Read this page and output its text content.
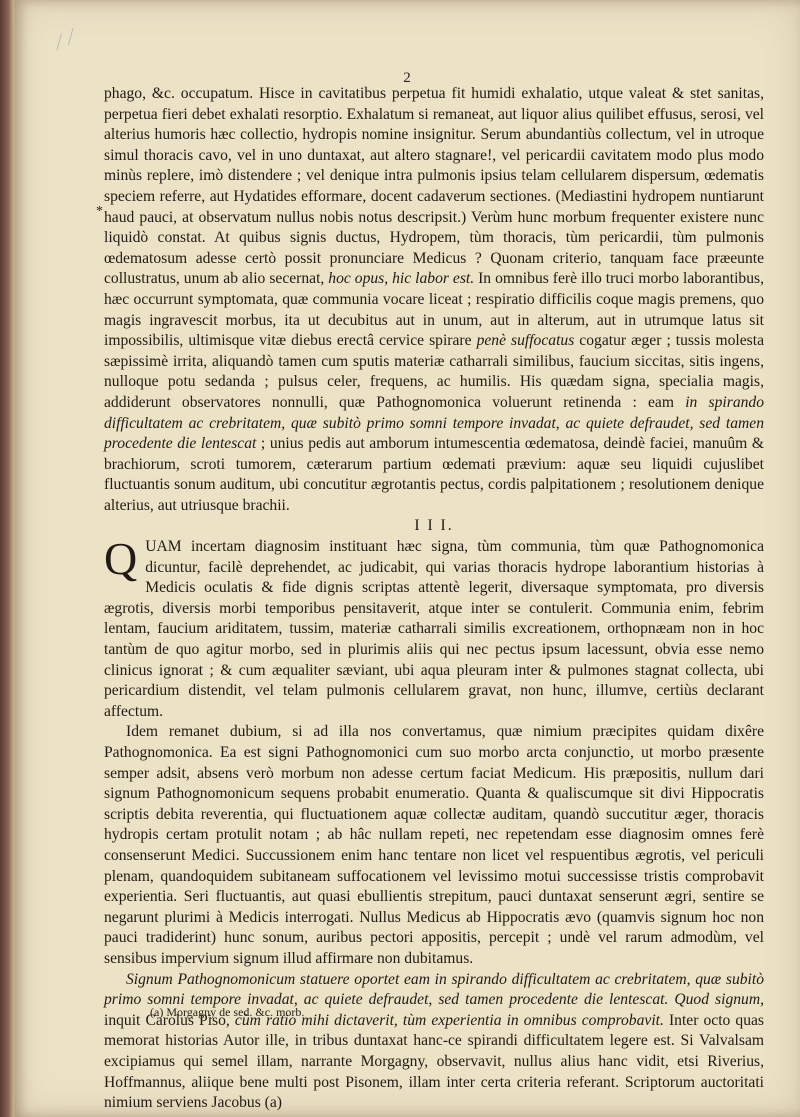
⟋⟋
2
*

phago, &c. occupatum. Hisce in cavitatibus perpetua fit humidi exhalatio, utque valeat & stet sanitas, perpetua fieri debet exhalati resorptio. Exhalatum si remaneat, aut liquor alius quilibet effusus, serosi, vel alterius humoris hæc collectio, hydropis nomine insignitur. Serum abundantiùs collectum, vel in utroque simul thoracis cavo, vel in uno duntaxat, aut altero stagnare!, vel pericardii cavitatem modo plus modo minùs replere, imò distendere ; vel denique intra pulmonis ipsius telam cellularem dispersum, œdematis speciem referre, aut Hydatides efformare, docent cadaverum sectiones. (Mediastini hydropem nuntiarunt haud pauci, at observatum nullus nobis notus descripsit.) Verùm hunc morbum frequenter existere nunc liquidò constat. At quibus signis ductus, Hydropem, tùm thoracis, tùm pericardii, tùm pulmonis œdematosum adesse certò possit pronunciare Medicus ? Quonam criterio, tanquam face præeunte collustratus, unum ab alio secernat, hoc opus, hic labor est. In omnibus ferè illo truci morbo laborantibus, hæc occurrunt symptomata, quæ communia vocare liceat ; respiratio difficilis coque magis premens, quo magis ingravescit morbus, ita ut decubitus aut in unum, aut in alterum, aut in utrumque latus sit impossibilis, ultimisque vitæ diebus erectâ cervice spirare penè suffocatus cogatur æger ; tussis molesta sæpissimè irrita, aliquandò tamen cum sputis materiæ catharrali similibus, faucium siccitas, sitis ingens, nulloque potu sedanda ; pulsus celer, frequens, ac humilis. His quædam signa, specialia magis, addiderunt observatores nonnulli, quæ Pathognomonica voluerunt retinenda : eam in spirando difficultatem ac crebritatem, quæ subitò primo somni tempore invadat, ac quiete defraudet, sed tamen procedente die lentescat ; unius pedis aut amborum intumescentia œdematosa, deindè faciei, manuûm & brachiorum, scroti tumorem, cæterarum partium œdemati prævium: aquæ seu liquidi cujuslibet fluctuantis sonum auditum, ubi concutitur ægrotantis pectus, cordis palpitationem ; resolutionem denique alterius, aut utriusque brachii.

I I I.

QUAM incertam diagnosim instituant hæc signa, tùm communia, tùm quæ Pathognomonica dicuntur, facilè deprehendet, ac judicabit, qui varias thoracis hydrope laborantium historias à Medicis oculatis & fide dignis scriptas attentè legerit, diversaque symptomata, pro diversis ægrotis, diversis morbi temporibus pensitaverit, atque inter se contulerit. Communia enim, febrim lentam, faucium ariditatem, tussim, materiæ catharrali similis excreationem, orthopnæam non in hoc tantùm de quo agitur morbo, sed in plurimis aliis qui nec pectus ipsum lacessunt, obvia esse nemo clinicus ignorat ; & cum æqualiter sæviant, ubi aqua pleuram inter & pulmones stagnat collecta, ubi pericardium distendit, vel telam pulmonis cellularem gravat, non hunc, illumve, certiùs declarant affectum.

Idem remanet dubium, si ad illa nos convertamus, quæ nimium præcipites quidam dixêre Pathognomonica. Ea est signi Pathognomonici cum suo morbo arcta conjunctio, ut morbo præsente semper adsit, absens verò morbum non adesse certum faciat Medicum. His præpositis, nullum dari signum Pathognomonicum sequens probabit enumeratio. Quanta & qualiscumque sit divi Hippocratis scriptis debita reverentia, qui fluctuationem aquæ collectæ auditam, quandò succutitur æger, thoracis hydropis certam protulit notam ; ab hâc nullam repeti, nec repetendam esse diagnosim omnes ferè consenserunt Medici. Succussionem enim hanc tentare non licet vel respuentibus ægrotis, vel periculi plenam, quandoquidem subitaneam suffocationem vel levissimo motui successisse tristis comprobavit experientia. Seri fluctuantis, aut quasi ebullientis strepitum, pauci duntaxat senserunt ægri, sentire se negarunt plurimi à Medicis interrogati. Nullus Medicus ab Hippocratis ævo (quamvis signum hoc non pauci tradiderint) hunc sonum, auribus pectori appositis, percepit ; undè vel rarum admodùm, vel sensibus impervium signum illud affirmare non dubitamus.

Signum Pathognomonicum statuere oportet eam in spirando difficultatem ac crebritatem, quæ subitò primo somni tempore invadat, ac quiete defraudet, sed tamen procedente die lentescat. Quod signum, inquit Carolus Piso, cùm ratio mihi dictaverit, tùm experientia in omnibus comprobavit. Inter octo quas memorat historias Autor ille, in tribus duntaxat hanc-ce spirandi difficultatem legere est. Si Valvalsam excipiamus qui semel illam, narrante Morgagny, observavit, nullus alius hanc vidit, etsi Riverius, Hoffmannus, aliique bene multi post Pisonem, illam inter certa criteria referant. Scriptorum auctoritati nimium serviens Jacobus (a)

(a) Morgagny de sed. &c. morb.
